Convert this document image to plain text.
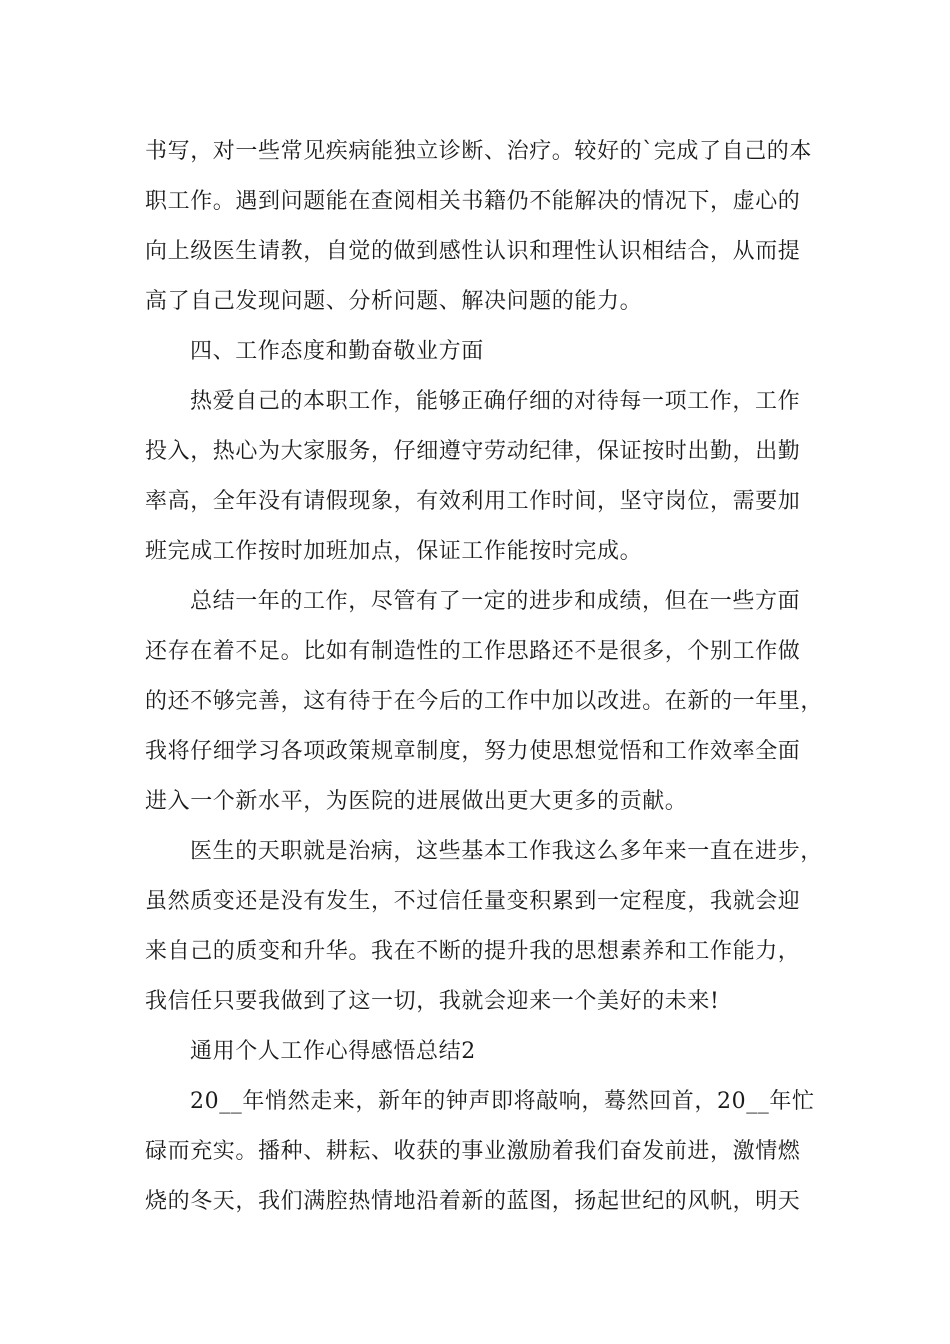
书写，对一些常见疾病能独立诊断、治疗。较好的`完成了自己的本
职工作。遇到问题能在查阅相关书籍仍不能解决的情况下，虚心的
向上级医生请教，自觉的做到感性认识和理性认识相结合，从而提
高了自己发现问题、分析问题、解决问题的能力。
四、工作态度和勤奋敬业方面
热爱自己的本职工作，能够正确仔细的对待每一项工作，工作
投入，热心为大家服务，仔细遵守劳动纪律，保证按时出勤，出勤
率高，全年没有请假现象，有效利用工作时间，坚守岗位，需要加
班完成工作按时加班加点，保证工作能按时完成。
总结一年的工作，尽管有了一定的进步和成绩，但在一些方面
还存在着不足。比如有制造性的工作思路还不是很多，个别工作做
的还不够完善，这有待于在今后的工作中加以改进。在新的一年里，
我将仔细学习各项政策规章制度，努力使思想觉悟和工作效率全面
进入一个新水平，为医院的进展做出更大更多的贡献。
医生的天职就是治病，这些基本工作我这么多年来一直在进步，
虽然质变还是没有发生，不过信任量变积累到一定程度，我就会迎
来自己的质变和升华。我在不断的提升我的思想素养和工作能力，
我信任只要我做到了这一切，我就会迎来一个美好的未来!
通用个人工作心得感悟总结2
20__年悄然走来，新年的钟声即将敲响，蓦然回首，20__年忙
碌而充实。播种、耕耘、收获的事业激励着我们奋发前进，激情燃
烧的冬天，我们满腔热情地沿着新的蓝图，扬起世纪的风帆，明天
